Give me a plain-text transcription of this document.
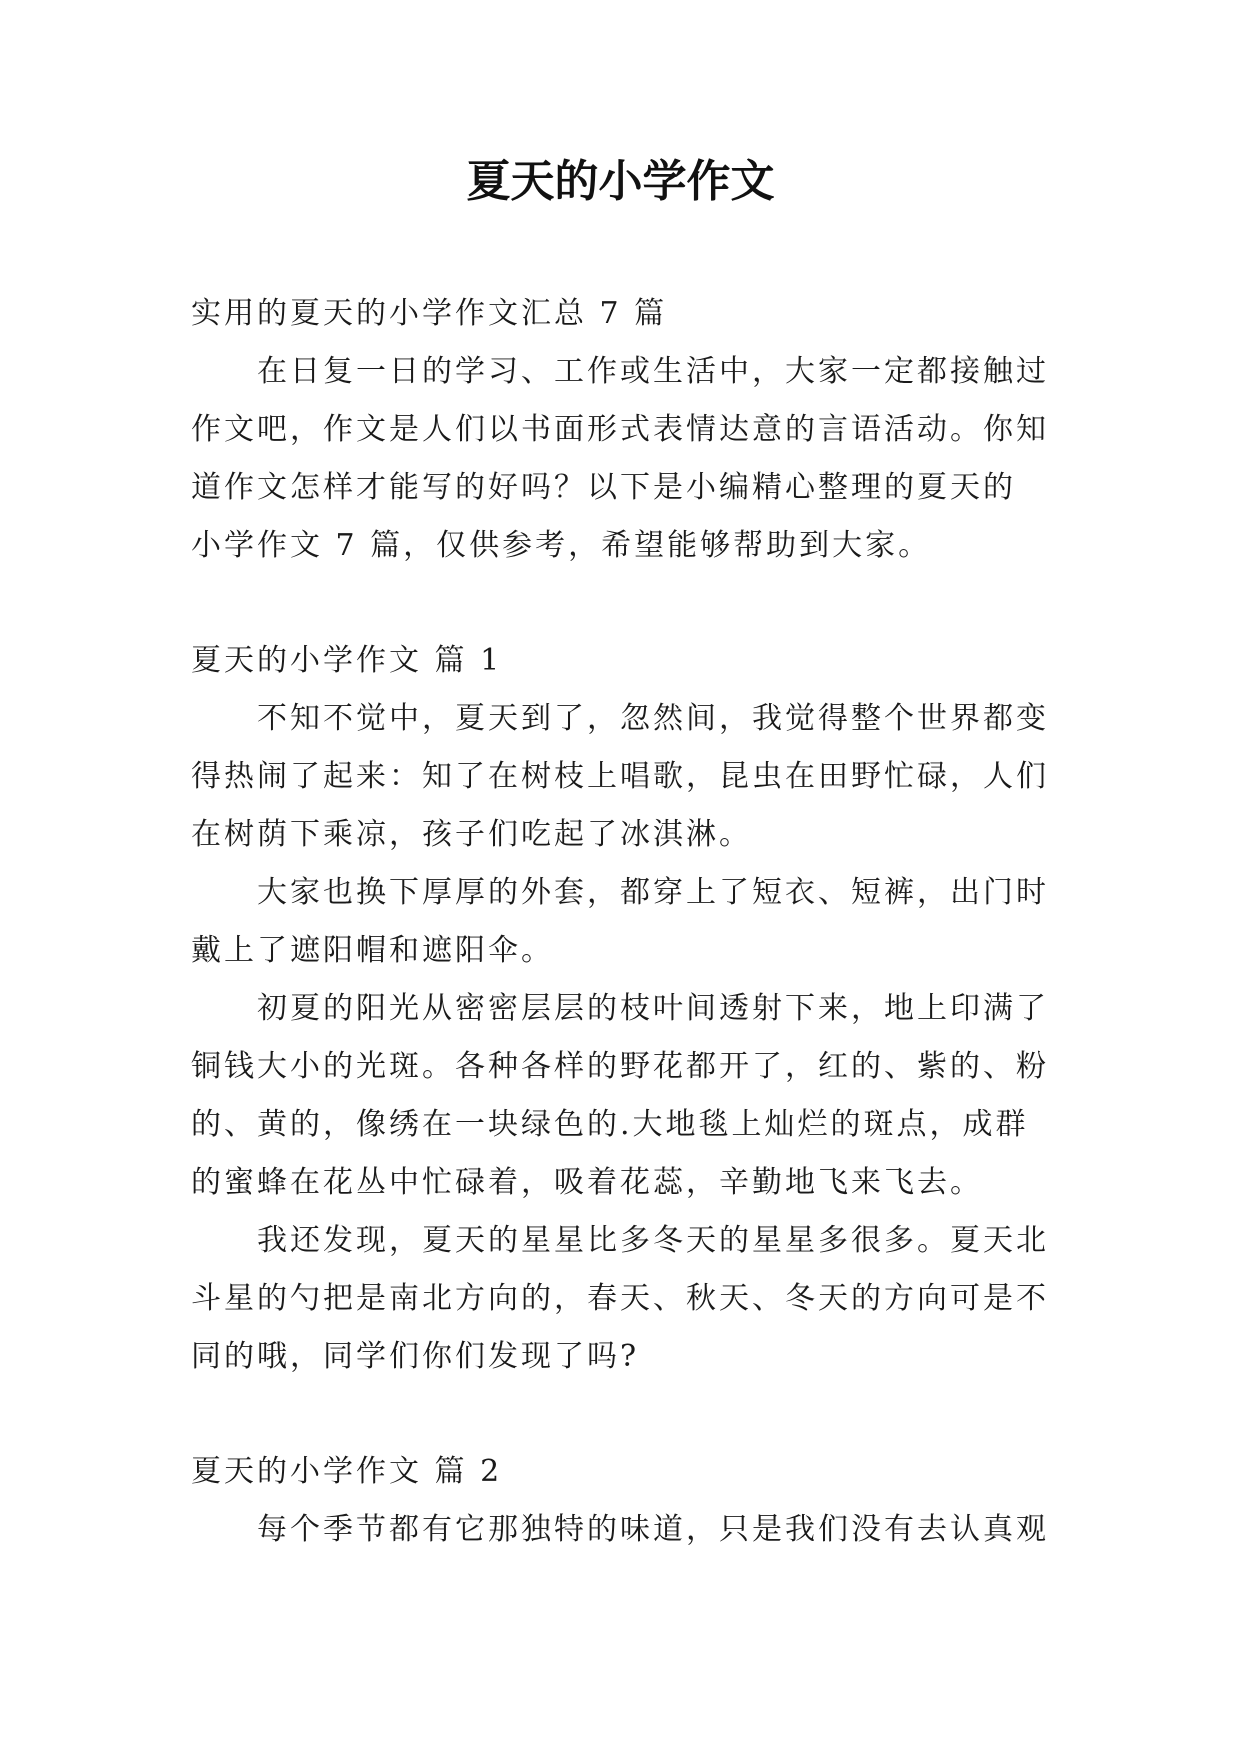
夏天的小学作文

实用的夏天的小学作文汇总 7 篇

在日复一日的学习、工作或生活中，大家一定都接触过

作文吧，作文是人们以书面形式表情达意的言语活动。你知

道作文怎样才能写的好吗？以下是小编精心整理的夏天的

小学作文 7 篇，仅供参考，希望能够帮助到大家。

夏天的小学作文 篇 1

不知不觉中，夏天到了，忽然间，我觉得整个世界都变

得热闹了起来：知了在树枝上唱歌，昆虫在田野忙碌，人们

在树荫下乘凉，孩子们吃起了冰淇淋。

大家也换下厚厚的外套，都穿上了短衣、短裤，出门时

戴上了遮阳帽和遮阳伞。

初夏的阳光从密密层层的枝叶间透射下来，地上印满了

铜钱大小的光斑。各种各样的野花都开了，红的、紫的、粉

的、黄的，像绣在一块绿色的.大地毯上灿烂的斑点，成群

的蜜蜂在花丛中忙碌着，吸着花蕊，辛勤地飞来飞去。

我还发现，夏天的星星比多冬天的星星多很多。夏天北

斗星的勺把是南北方向的，春天、秋天、冬天的方向可是不

同的哦，同学们你们发现了吗?

夏天的小学作文 篇 2

每个季节都有它那独特的味道，只是我们没有去认真观
